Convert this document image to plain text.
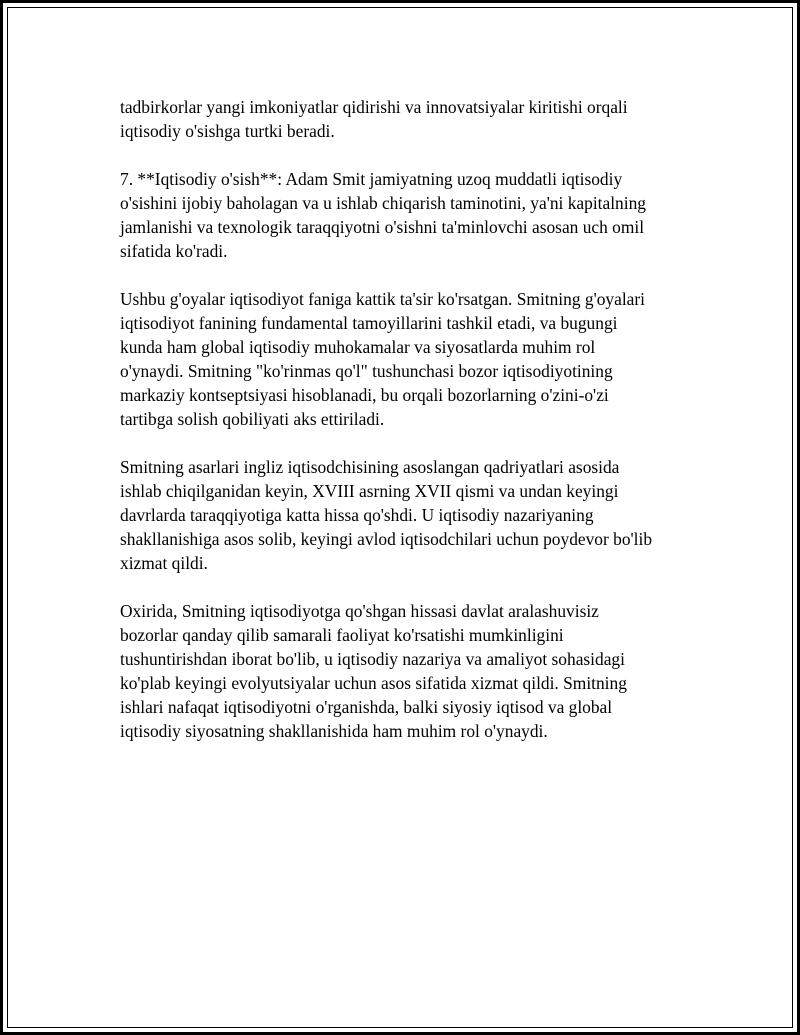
tadbirkorlar yangi imkoniyatlar qidirishi va innovatsiyalar kiritishi orqali
iqtisodiy o'sishga turtki beradi.

7. **Iqtisodiy o'sish**: Adam Smit jamiyatning uzoq muddatli iqtisodiy
o'sishini ijobiy baholagan va u ishlab chiqarish taminotini, ya'ni kapitalning
jamlanishi va texnologik taraqqiyotni o'sishni ta'minlovchi asosan uch omil
sifatida ko'radi.

Ushbu g'oyalar iqtisodiyot faniga kattik ta'sir ko'rsatgan. Smitning g'oyalari
iqtisodiyot fanining fundamental tamoyillarini tashkil etadi, va bugungi
kunda ham global iqtisodiy muhokamalar va siyosatlarda muhim rol
o'ynaydi. Smitning "ko'rinmas qo'l" tushunchasi bozor iqtisodiyotining
markaziy kontseptsiyasi hisoblanadi, bu orqali bozorlarning o'zini-o'zi
tartibga solish qobiliyati aks ettiriladi.

Smitning asarlari ingliz iqtisodchisining asoslangan qadriyatlari asosida
ishlab chiqilganidan keyin, XVIII asrning XVII qismi va undan keyingi
davrlarda taraqqiyotiga katta hissa qo'shdi. U iqtisodiy nazariyaning
shakllanishiga asos solib, keyingi avlod iqtisodchilari uchun poydevor bo'lib
xizmat qildi.

Oxirida, Smitning iqtisodiyotga qo'shgan hissasi davlat aralashuvisiz
bozorlar qanday qilib samarali faoliyat ko'rsatishi mumkinligini
tushuntirishdan iborat bo'lib, u iqtisodiy nazariya va amaliyot sohasidagi
ko'plab keyingi evolyutsiyalar uchun asos sifatida xizmat qildi. Smitning
ishlari nafaqat iqtisodiyotni o'rganishda, balki siyosiy iqtisod va global
iqtisodiy siyosatning shakllanishida ham muhim rol o'ynaydi.
